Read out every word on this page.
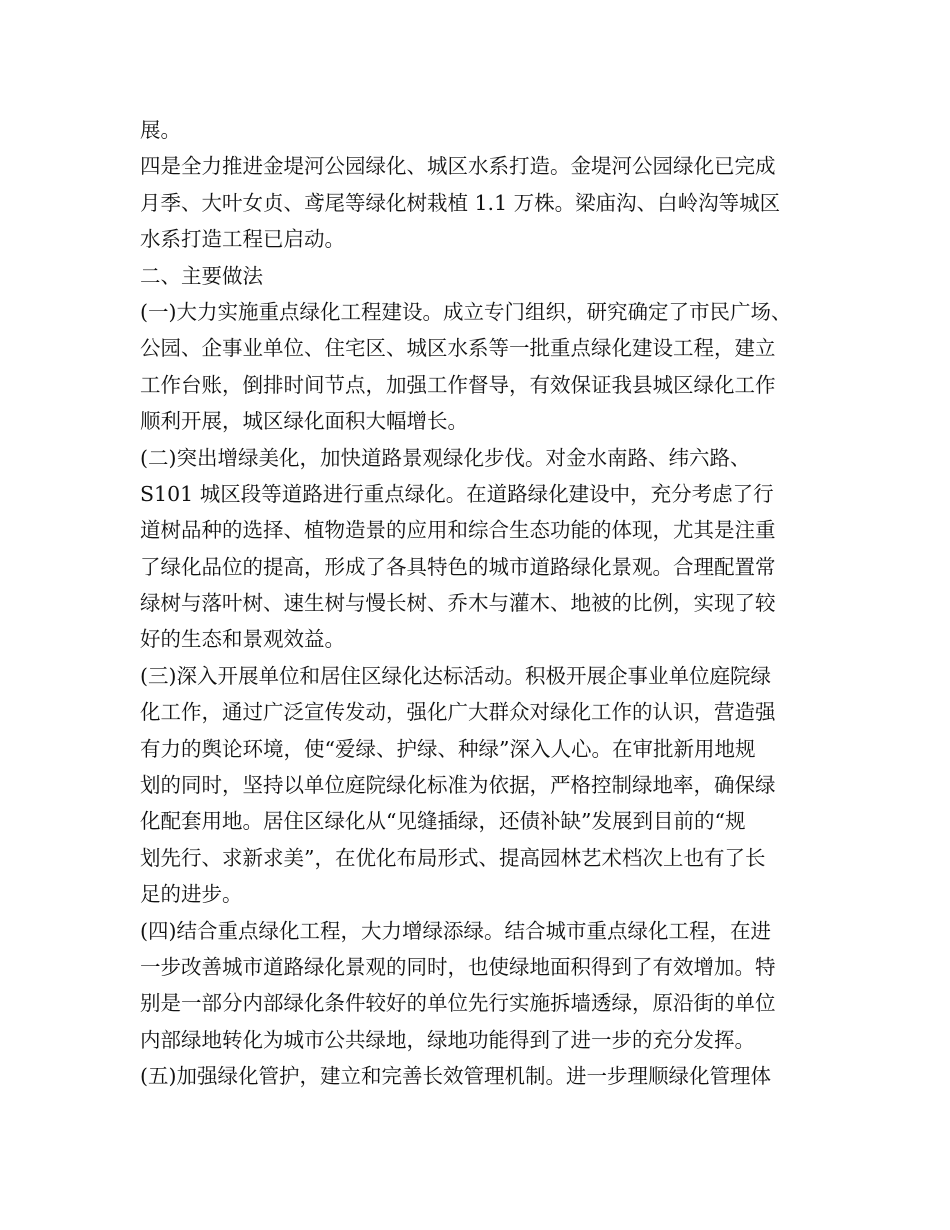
展。
四是全力推进金堤河公园绿化、城区水系打造。金堤河公园绿化已完成
月季、大叶女贞、鸢尾等绿化树栽植 1.1 万株。梁庙沟、白岭沟等城区
水系打造工程已启动。
二、主要做法
(一)大力实施重点绿化工程建设。成立专门组织，研究确定了市民广场、
公园、企事业单位、住宅区、城区水系等一批重点绿化建设工程，建立
工作台账，倒排时间节点，加强工作督导，有效保证我县城区绿化工作
顺利开展，城区绿化面积大幅增长。
(二)突出增绿美化，加快道路景观绿化步伐。对金水南路、纬六路、
S101 城区段等道路进行重点绿化。在道路绿化建设中，充分考虑了行
道树品种的选择、植物造景的应用和综合生态功能的体现，尤其是注重
了绿化品位的提高，形成了各具特色的城市道路绿化景观。合理配置常
绿树与落叶树、速生树与慢长树、乔木与灌木、地被的比例，实现了较
好的生态和景观效益。
(三)深入开展单位和居住区绿化达标活动。积极开展企事业单位庭院绿
化工作，通过广泛宣传发动，强化广大群众对绿化工作的认识，营造强
有力的舆论环境，使“爱绿、护绿、种绿”深入人心。在审批新用地规
划的同时，坚持以单位庭院绿化标准为依据，严格控制绿地率，确保绿
化配套用地。居住区绿化从“见缝插绿，还债补缺”发展到目前的“规
划先行、求新求美”，在优化布局形式、提高园林艺术档次上也有了长
足的进步。
(四)结合重点绿化工程，大力增绿添绿。结合城市重点绿化工程，在进
一步改善城市道路绿化景观的同时，也使绿地面积得到了有效增加。特
别是一部分内部绿化条件较好的单位先行实施拆墙透绿，原沿街的单位
内部绿地转化为城市公共绿地，绿地功能得到了进一步的充分发挥。
(五)加强绿化管护，建立和完善长效管理机制。进一步理顺绿化管理体
